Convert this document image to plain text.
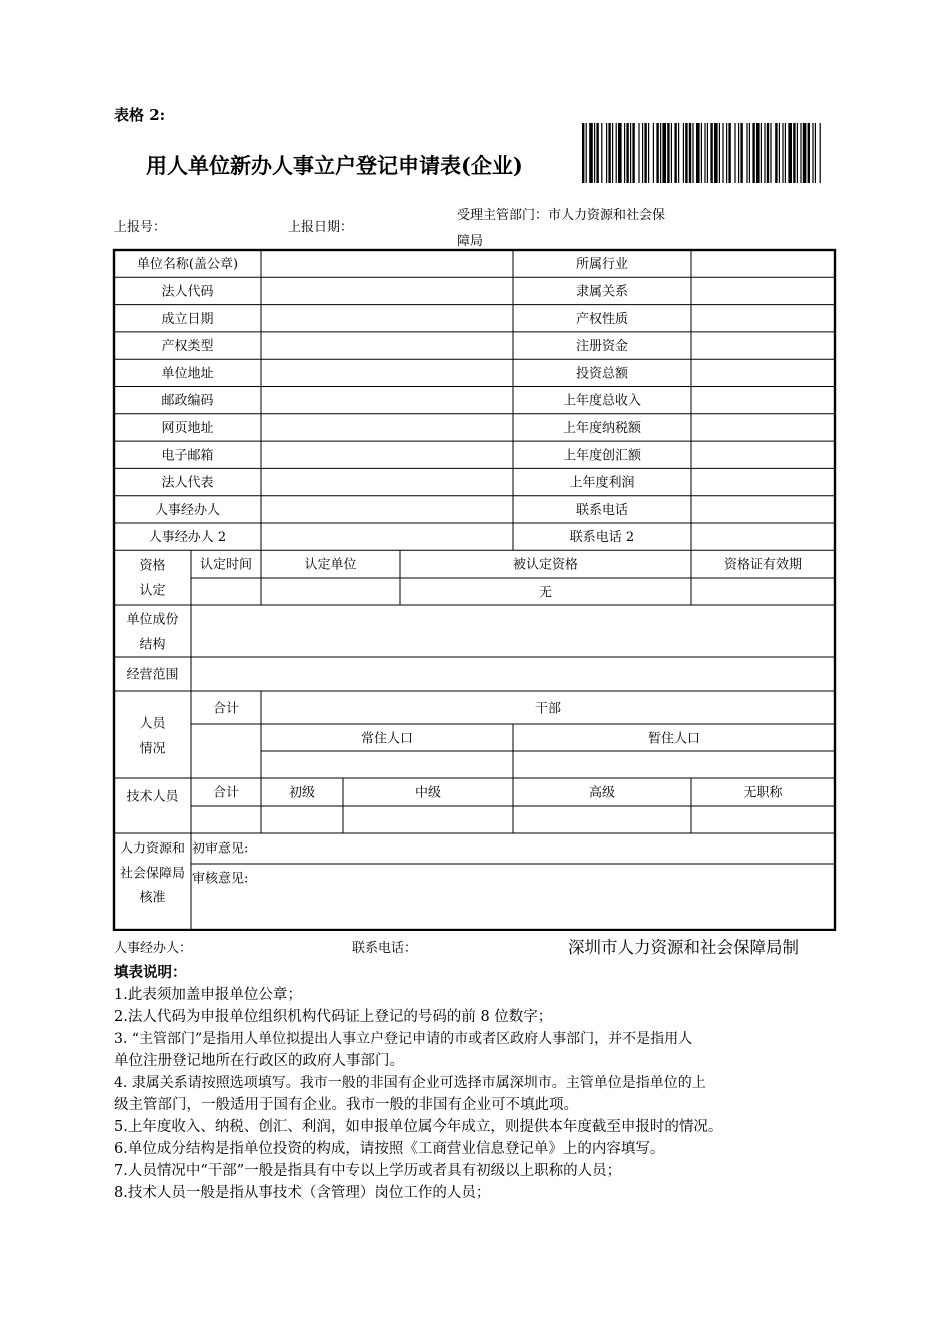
表格 2:
用人单位新办人事立户登记申请表(企业)
上报号：	上报日期：
受理主管部门：市人力资源和社会保
障局
单位名称(盖公章)	所属行业
法人代码	隶属关系
成立日期	产权性质
产权类型	注册资金
单位地址	投资总额
邮政编码	上年度总收入
网页地址	上年度纳税额
电子邮箱	上年度创汇额
法人代表	上年度利润
人事经办人	联系电话
人事经办人 2	联系电话 2
资格
认定
认定时间	认定单位	被认定资格	资格证有效期
无
单位成份
结构
经营范围
人员
情况
合计	干部
常住人口	暂住人口
技术人员	合计	初级	中级	高级	无职称
人力资源和
社会保障局
核准
初审意见:
审核意见:
人事经办人：	联系电话：	深圳市人力资源和社会保障局制
填表说明：
1.此表须加盖申报单位公章；
2.法人代码为申报单位组织机构代码证上登记的号码的前 8 位数字；
3. “主管部门”是指用人单位拟提出人事立户登记申请的市或者区政府人事部门，并不是指用人
单位注册登记地所在行政区的政府人事部门。
4. 隶属关系请按照选项填写。我市一般的非国有企业可选择市属深圳市。主管单位是指单位的上
级主管部门，一般适用于国有企业。我市一般的非国有企业可不填此项。
5.上年度收入、纳税、创汇、利润，如申报单位属今年成立，则提供本年度截至申报时的情况。
6.单位成分结构是指单位投资的构成，请按照《工商营业信息登记单》上的内容填写。
7.人员情况中“干部”一般是指具有中专以上学历或者具有初级以上职称的人员；
8.技术人员一般是指从事技术（含管理）岗位工作的人员；
